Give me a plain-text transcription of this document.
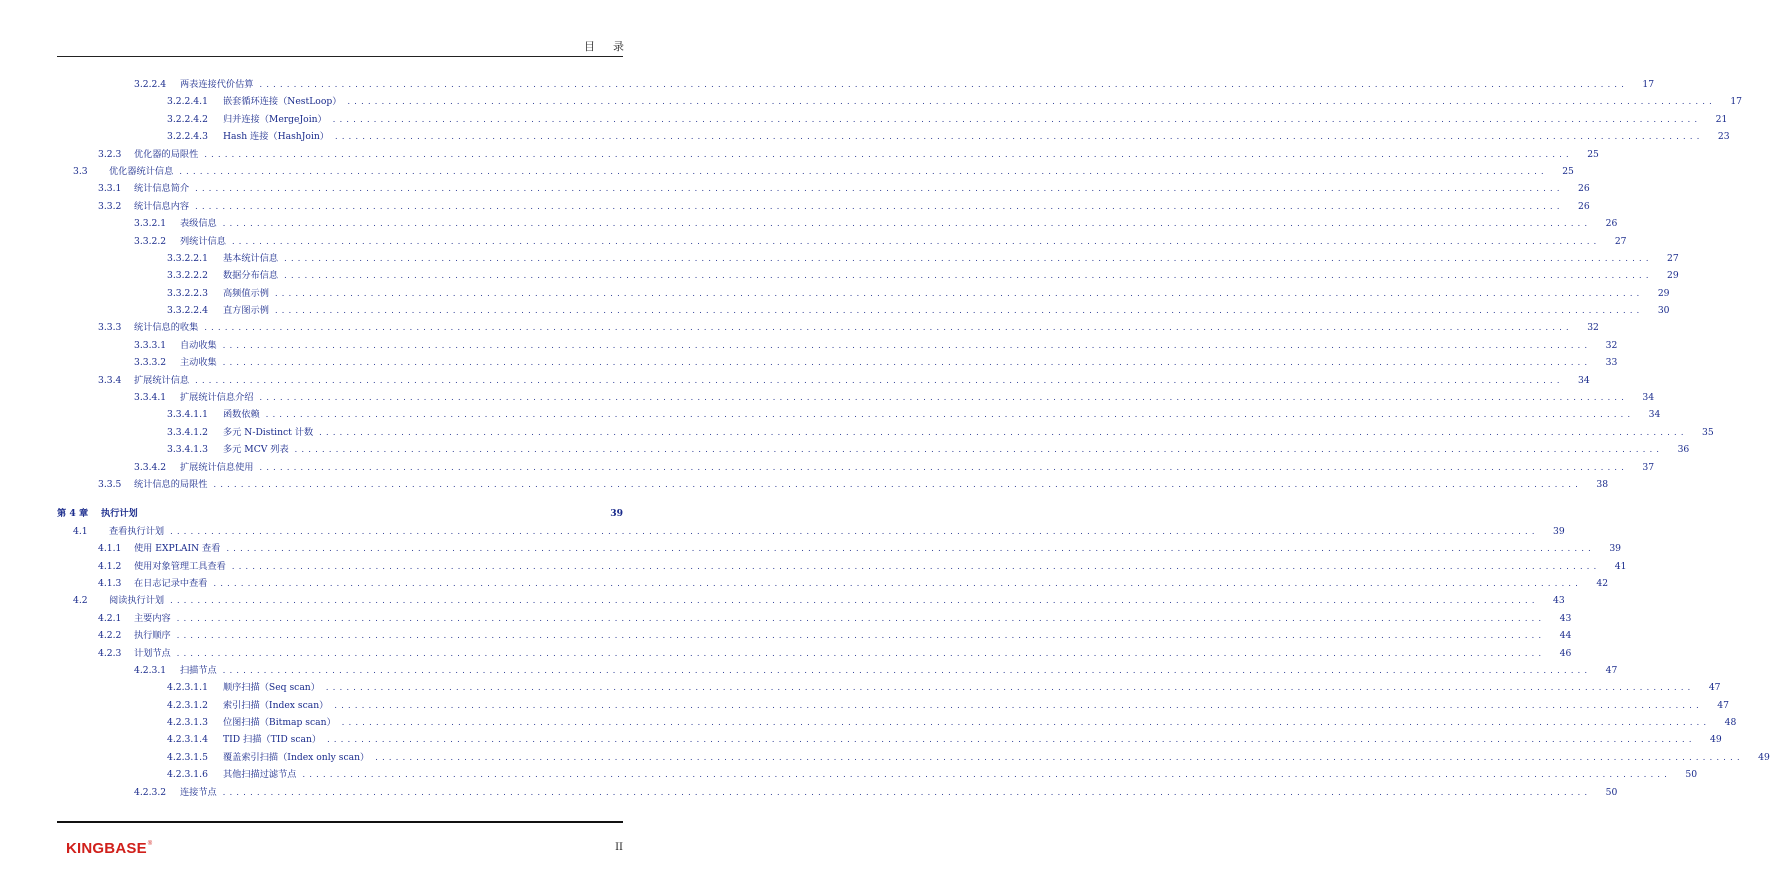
目 录
3.2.2.4	两表连接代价估算 ........................................................................................................................................................................................................	17
3.2.2.4.1	嵌套循环连接（NestLoop） ........................................................................................................................................................................................................	17
3.2.2.4.2	归并连接（MergeJoin） ........................................................................................................................................................................................................	21
3.2.2.4.3	Hash 连接（HashJoin） ........................................................................................................................................................................................................	23
3.2.3	优化器的局限性 ........................................................................................................................................................................................................	25
3.3	优化器统计信息 ........................................................................................................................................................................................................	25
3.3.1	统计信息简介 ........................................................................................................................................................................................................	26
3.3.2	统计信息内容 ........................................................................................................................................................................................................	26
3.3.2.1	表级信息 ........................................................................................................................................................................................................	26
3.3.2.2	列统计信息 ........................................................................................................................................................................................................	27
3.3.2.2.1	基本统计信息 ........................................................................................................................................................................................................	27
3.3.2.2.2	数据分布信息 ........................................................................................................................................................................................................	29
3.3.2.2.3	高频值示例 ........................................................................................................................................................................................................	29
3.3.2.2.4	直方图示例 ........................................................................................................................................................................................................	30
3.3.3	统计信息的收集 ........................................................................................................................................................................................................	32
3.3.3.1	自动收集 ........................................................................................................................................................................................................	32
3.3.3.2	主动收集 ........................................................................................................................................................................................................	33
3.3.4	扩展统计信息 ........................................................................................................................................................................................................	34
3.3.4.1	扩展统计信息介绍 ........................................................................................................................................................................................................	34
3.3.4.1.1	函数依赖 ........................................................................................................................................................................................................	34
3.3.4.1.2	多元 N-Distinct 计数 ........................................................................................................................................................................................................	35
3.3.4.1.3	多元 MCV 列表 ........................................................................................................................................................................................................	36
3.3.4.2	扩展统计信息使用 ........................................................................................................................................................................................................	37
3.3.5	统计信息的局限性 ........................................................................................................................................................................................................	38
第 4 章	执行计划	39
4.1	查看执行计划 ........................................................................................................................................................................................................	39
4.1.1	使用 EXPLAIN 查看 ........................................................................................................................................................................................................	39
4.1.2	使用对象管理工具查看 ........................................................................................................................................................................................................	41
4.1.3	在日志记录中查看 ........................................................................................................................................................................................................	42
4.2	阅读执行计划 ........................................................................................................................................................................................................	43
4.2.1	主要内容 ........................................................................................................................................................................................................	43
4.2.2	执行顺序 ........................................................................................................................................................................................................	44
4.2.3	计划节点 ........................................................................................................................................................................................................	46
4.2.3.1	扫描节点 ........................................................................................................................................................................................................	47
4.2.3.1.1	顺序扫描（Seq scan） ........................................................................................................................................................................................................	47
4.2.3.1.2	索引扫描（Index scan） ........................................................................................................................................................................................................	47
4.2.3.1.3	位图扫描（Bitmap scan） ........................................................................................................................................................................................................	48
4.2.3.1.4	TID 扫描（TID scan） ........................................................................................................................................................................................................	49
4.2.3.1.5	覆盖索引扫描（Index only scan） ........................................................................................................................................................................................................	49
4.2.3.1.6	其他扫描过滤节点 ........................................................................................................................................................................................................	50
4.2.3.2	连接节点 ........................................................................................................................................................................................................	50
KINGBASE®	II
